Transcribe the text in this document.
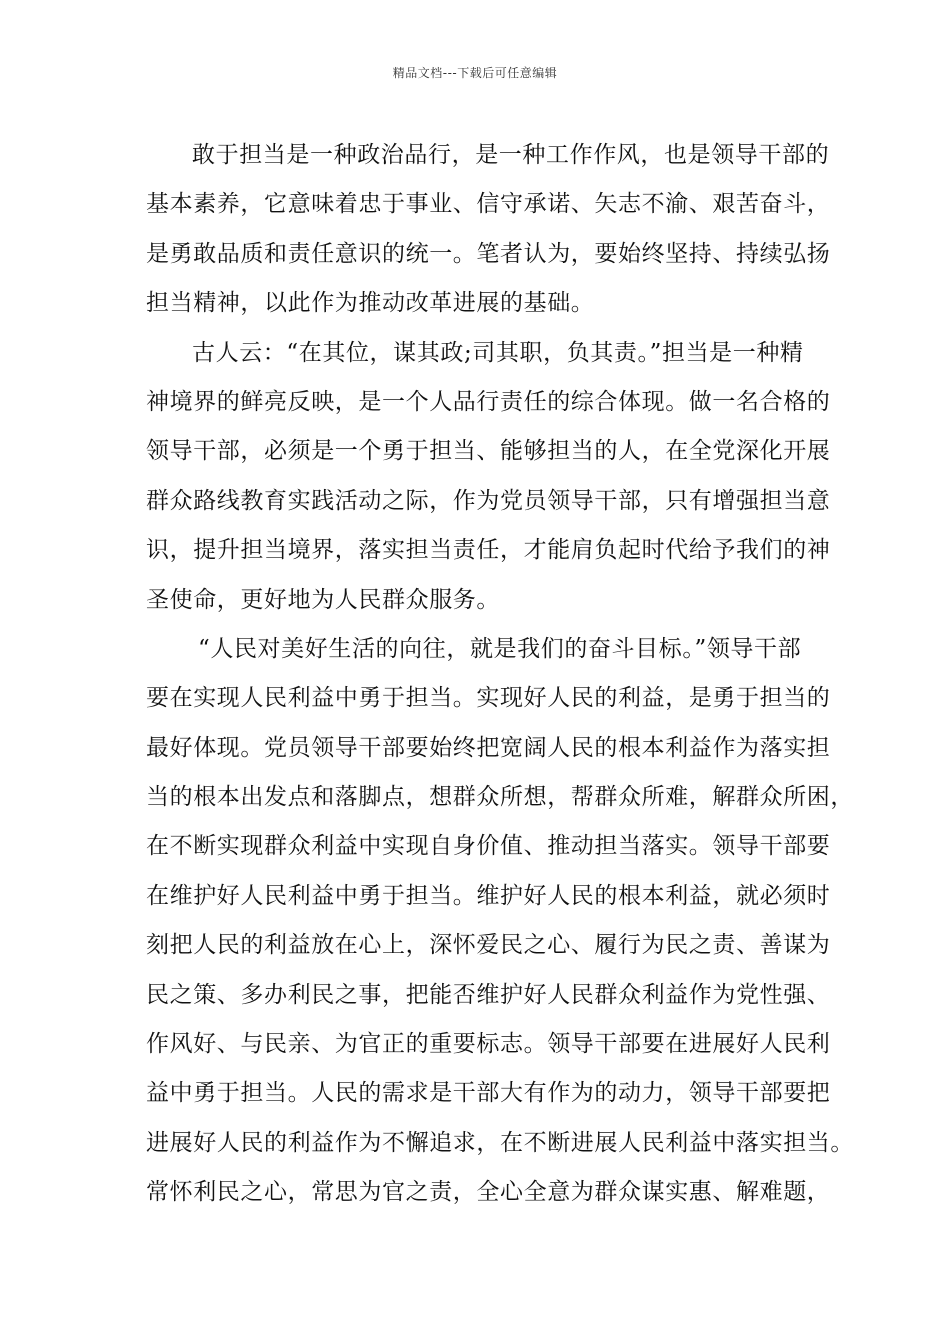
精品文档---下载后可任意编辑
敢于担当是一种政治品行，是一种工作作风，也是领导干部的
基本素养，它意味着忠于事业、信守承诺、矢志不渝、艰苦奋斗，
是勇敢品质和责任意识的统一。笔者认为，要始终坚持、持续弘扬
担当精神，以此作为推动改革进展的基础。
古人云：“在其位，谋其政;司其职，负其责。”担当是一种精
神境界的鲜亮反映，是一个人品行责任的综合体现。做一名合格的
领导干部，必须是一个勇于担当、能够担当的人，在全党深化开展
群众路线教育实践活动之际，作为党员领导干部，只有增强担当意
识，提升担当境界，落实担当责任，才能肩负起时代给予我们的神
圣使命，更好地为人民群众服务。
“人民对美好生活的向往，就是我们的奋斗目标。”领导干部
要在实现人民利益中勇于担当。实现好人民的利益，是勇于担当的
最好体现。党员领导干部要始终把宽阔人民的根本利益作为落实担
当的根本出发点和落脚点，想群众所想，帮群众所难，解群众所困，
在不断实现群众利益中实现自身价值、推动担当落实。领导干部要
在维护好人民利益中勇于担当。维护好人民的根本利益，就必须时
刻把人民的利益放在心上，深怀爱民之心、履行为民之责、善谋为
民之策、多办利民之事，把能否维护好人民群众利益作为党性强、
作风好、与民亲、为官正的重要标志。领导干部要在进展好人民利
益中勇于担当。人民的需求是干部大有作为的动力，领导干部要把
进展好人民的利益作为不懈追求，在不断进展人民利益中落实担当。
常怀利民之心，常思为官之责，全心全意为群众谋实惠、解难题，
